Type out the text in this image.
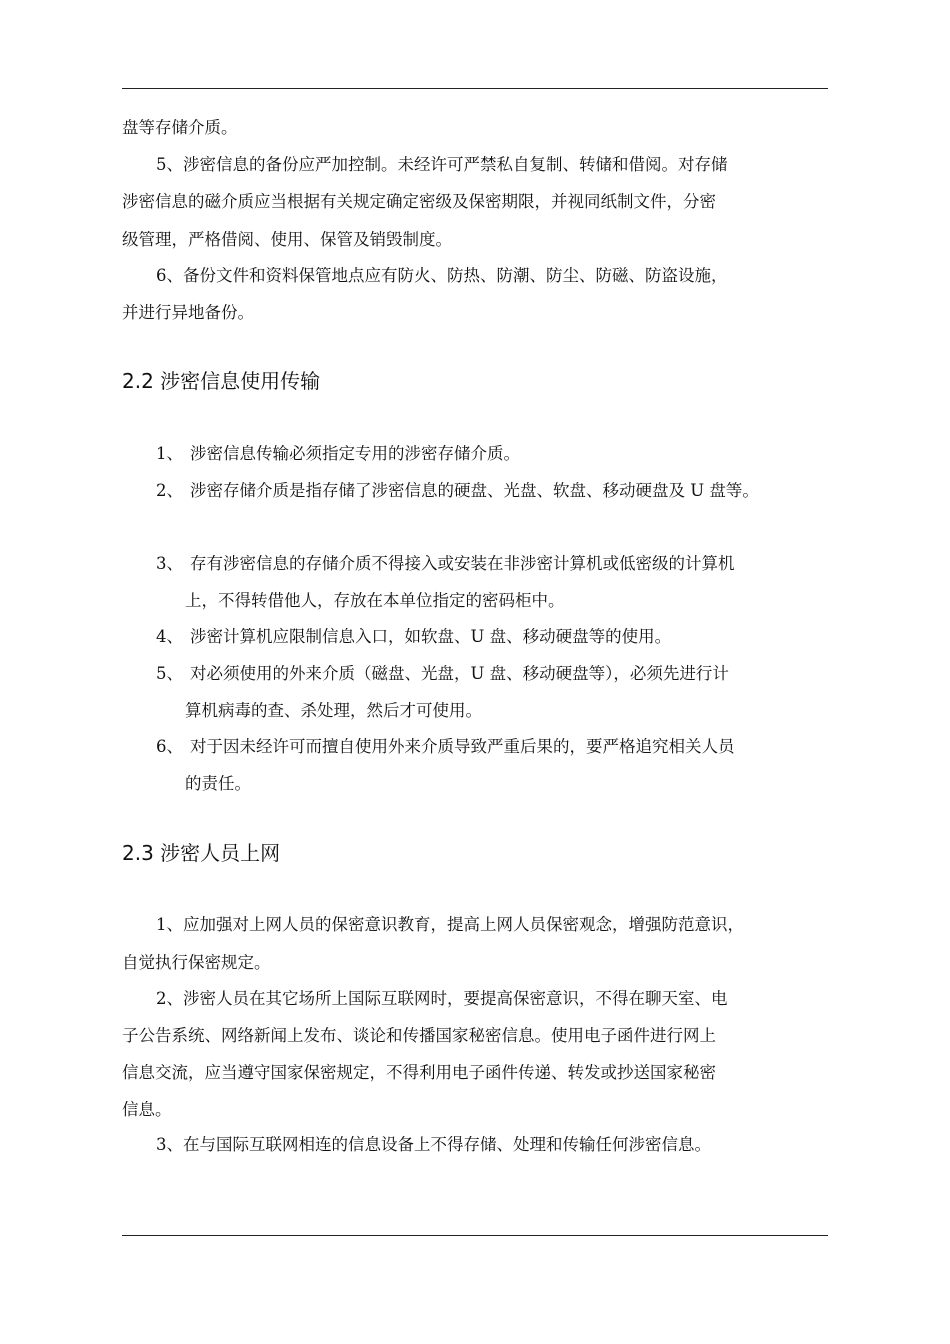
盘等存储介质。
5、涉密信息的备份应严加控制。未经许可严禁私自复制、转储和借阅。对存储
涉密信息的磁介质应当根据有关规定确定密级及保密期限，并视同纸制文件，分密
级管理，严格借阅、使用、保管及销毁制度。
6、备份文件和资料保管地点应有防火、防热、防潮、防尘、防磁、防盗设施，
并进行异地备份。
2.2 涉密信息使用传输
1、 涉密信息传输必须指定专用的涉密存储介质。
2、 涉密存储介质是指存储了涉密信息的硬盘、光盘、软盘、移动硬盘及 U 盘等。
3、 存有涉密信息的存储介质不得接入或安装在非涉密计算机或低密级的计算机
上，不得转借他人，存放在本单位指定的密码柜中。
4、 涉密计算机应限制信息入口，如软盘、U 盘、移动硬盘等的使用。
5、 对必须使用的外来介质（磁盘、光盘，U 盘、移动硬盘等），必须先进行计
算机病毒的查、杀处理，然后才可使用。
6、 对于因未经许可而擅自使用外来介质导致严重后果的，要严格追究相关人员
的责任。
2.3 涉密人员上网
1、应加强对上网人员的保密意识教育，提高上网人员保密观念，增强防范意识，
自觉执行保密规定。
2、涉密人员在其它场所上国际互联网时，要提高保密意识，不得在聊天室、电
子公告系统、网络新闻上发布、谈论和传播国家秘密信息。使用电子函件进行网上
信息交流，应当遵守国家保密规定，不得利用电子函件传递、转发或抄送国家秘密
信息。
3、在与国际互联网相连的信息设备上不得存储、处理和传输任何涉密信息。
